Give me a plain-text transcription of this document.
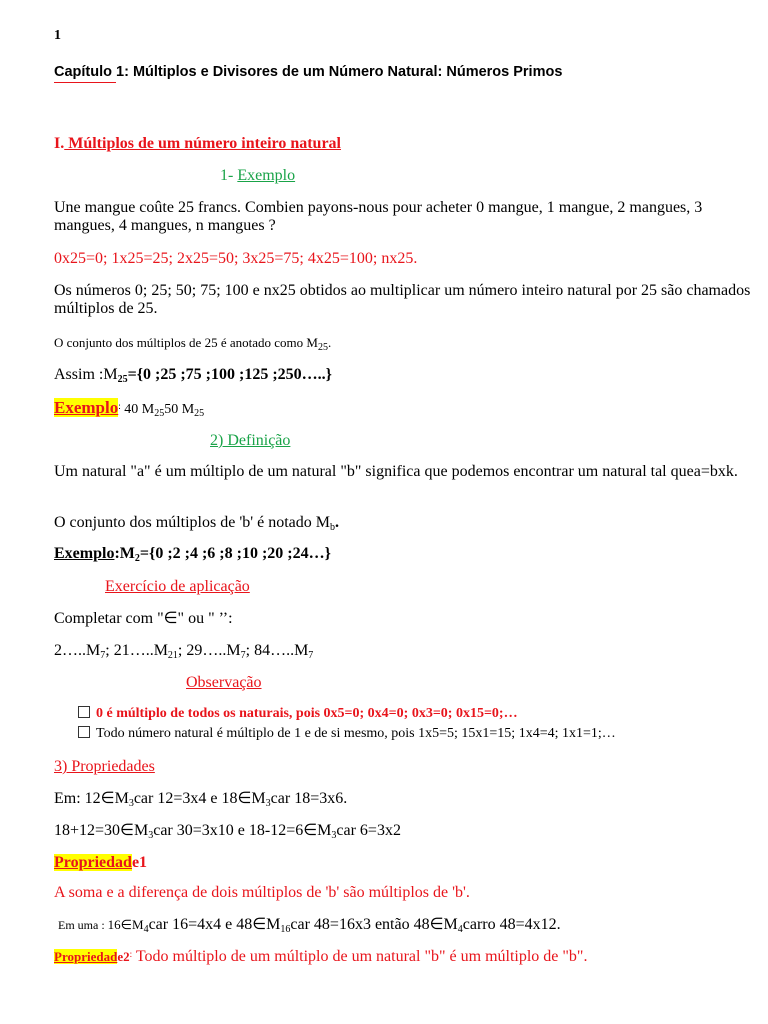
1
Capítulo 1: Múltiplos e Divisores de um Número Natural: Números Primos
I. Múltiplos de um número inteiro natural
1- Exemplo
Une mangue coûte 25 francs. Combien payons-nous pour acheter 0 mangue, 1 mangue, 2 mangues, 3 mangues, 4 mangues, n mangues ?
0x25=0; 1x25=25; 2x25=50; 3x25=75; 4x25=100; nx25.
Os números 0; 25; 50; 75; 100 e nx25 obtidos ao multiplicar um número inteiro natural por 25 são chamados múltiplos de 25.
O conjunto dos múltiplos de 25 é anotado como $M_{25}$.
Assim $:M_{25}=\{0$ ;25 ;75 ;100 ;125 ;250…..}
Exemplo: 40 $M_{25}50$ $M_{25}$
2) Definição
Um natural "a" é um múltiplo de um natural "b" significa que podemos encontrar um natural tal quea=bxk.
O conjunto dos múltiplos de 'b' é notado $M_b$.
$Exemplo:M_2=\{0$ ;2 ;4 ;6 ;8 ;10 ;20 ;24…}
Exercício de aplicação
Completar com "∈" ou " ’’:
$2\dots..M_7$; $21\dots..M_{21}$; $29\dots..M_7$; $84\dots..M_7$
Observação
0 é múltiplo de todos os naturais, pois 0x5=0; 0x4=0; 0x3=0; 0x15=0;…
Todo número natural é múltiplo de 1 e de si mesmo, pois 1x5=5; 15x1=15; 1x4=4; 1x1=1;…
3) Propriedades
Em: $12\in M_3car$ 12=3x4 e $18\in M_3car$ 18=3x6.
$18+12=30\in M_3car$ 30=3x10 e $18-12=6\in M_3car$ 6=3x2
Propriedade1
A soma e a diferença de dois múltiplos de 'b' são múltiplos de 'b'.
Em uma : $16\in M_4car$ 16=4x4 e $48\in M_{16}car$ 48=16x3 então $48\in M_4carro$ 48=4x12.
Propriedade2: Todo múltiplo de um múltiplo de um natural "b" é um múltiplo de "b".
